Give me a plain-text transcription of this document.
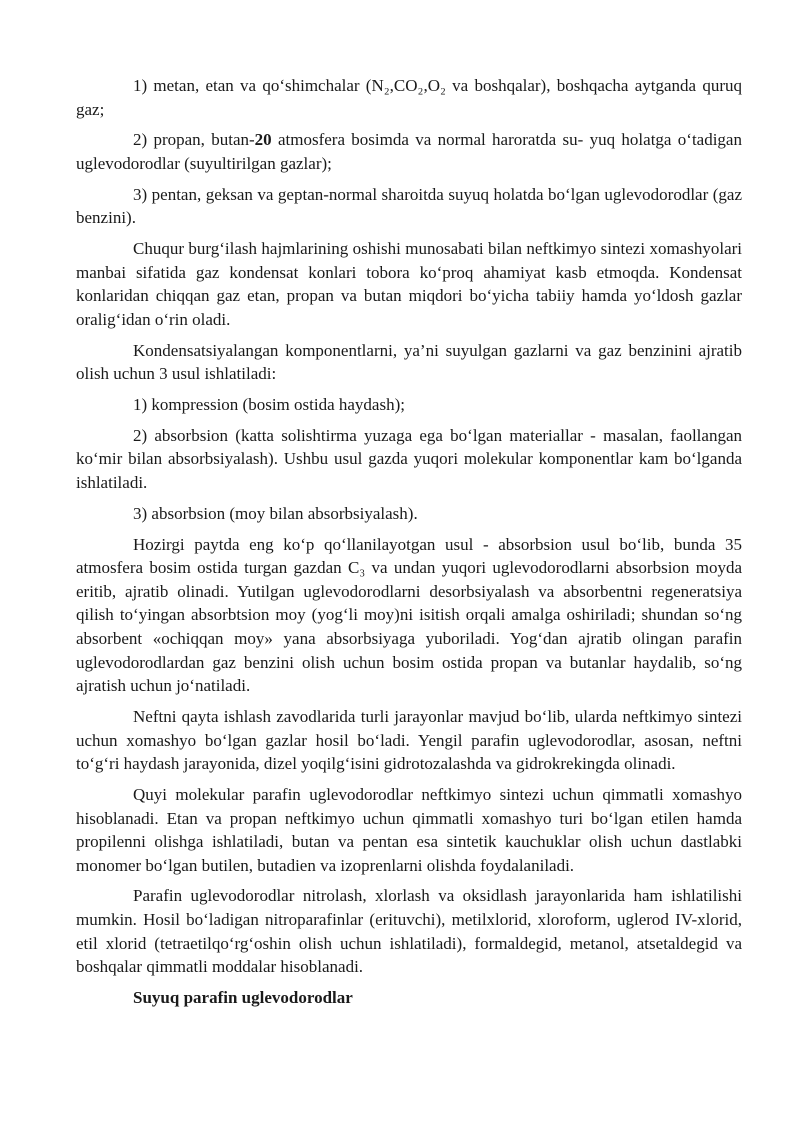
1) metan, etan va qo‘shimchalar (N₂,CO₂,O₂ va boshqalar), boshqacha aytganda quruq gaz;

2) propan, butan-20 atmosfera bosimda va normal haroratda su- yuq holatga o‘tadigan uglevodorodlar (suyultirilgan gazlar);

3) pentan, geksan va geptan-normal sharoitda suyuq holatda bo‘lgan uglevodorodlar (gaz benzini).

Chuqur burg‘ilash hajmlarining oshishi munosabati bilan neftkimyo sintezi xomashyolari manbai sifatida gaz kondensat konlari tobora ko‘proq ahamiyat kasb etmoqda. Kondensat konlaridan chiqqan gaz etan, propan va butan miqdori bo‘yicha tabiiy hamda yo‘ldosh gazlar oralig‘idan o‘rin oladi.

Kondensatsiyalangan komponentlarni, ya’ni suyulgan gazlarni va gaz benzinini ajratib olish uchun 3 usul ishlatiladi:

1) kompression (bosim ostida haydash);

2) absorbsion (katta solishtirma yuzaga ega bo‘lgan materiallar - masalan, faollangan ko‘mir bilan absorbsiyalash). Ushbu usul gazda yuqori molekular komponentlar kam bo‘lganda ishlatiladi.

3) absorbsion (moy bilan absorbsiyalash).

Hozirgi paytda eng ko‘p qo‘llanilayotgan usul - absorbsion usul bo‘lib, bunda 35 atmosfera bosim ostida turgan gazdan C₃ va undan yuqori uglevodorodlarni absorbsion moyda eritib, ajratib olinadi. Yutilgan uglevodorodlarni desorbsiyalash va absorbentni regeneratsiya qilish to‘yingan absorbtsion moy (yog‘li moy)ni isitish orqali amalga oshiriladi; shundan so‘ng absorbent «ochiqqan moy» yana absorbsiyaga yuboriladi. Yog‘dan ajratib olingan parafin uglevodorodlardan gaz benzini olish uchun bosim ostida propan va butanlar haydalib, so‘ng ajratish uchun jo‘natiladi.

Neftni qayta ishlash zavodlarida turli jarayonlar mavjud bo‘lib, ularda neftkimyo sintezi uchun xomashyo bo‘lgan gazlar hosil bo‘ladi. Yengil parafin uglevodorodlar, asosan, neftni to‘g‘ri haydash jarayonida, dizel yoqilg‘isini gidrotozalashda va gidrokrekingda olinadi.

Quyi molekular parafin uglevodorodlar neftkimyo sintezi uchun qimmatli xomashyo hisoblanadi. Etan va propan neftkimyo uchun qimmatli xomashyo turi bo‘lgan etilen hamda propilenni olishga ishlatiladi, butan va pentan esa sintetik kauchuklar olish uchun dastlabki monomer bo‘lgan butilen, butadien va izoprenlarni olishda foydalaniladi.

Parafin uglevodorodlar nitrolash, xlorlash va oksidlash jarayonlarida ham ishlatilishi mumkin. Hosil bo‘ladigan nitroparafinlar (erituvchi), metilxlorid, xloroform, uglerod IV-xlorid, etil xlorid (tetraetilqo‘rg‘oshin olish uchun ishlatiladi), formaldegid, metanol, atsetaldegid va boshqalar qimmatli moddalar hisoblanadi.

Suyuq parafin uglevodorodlar
